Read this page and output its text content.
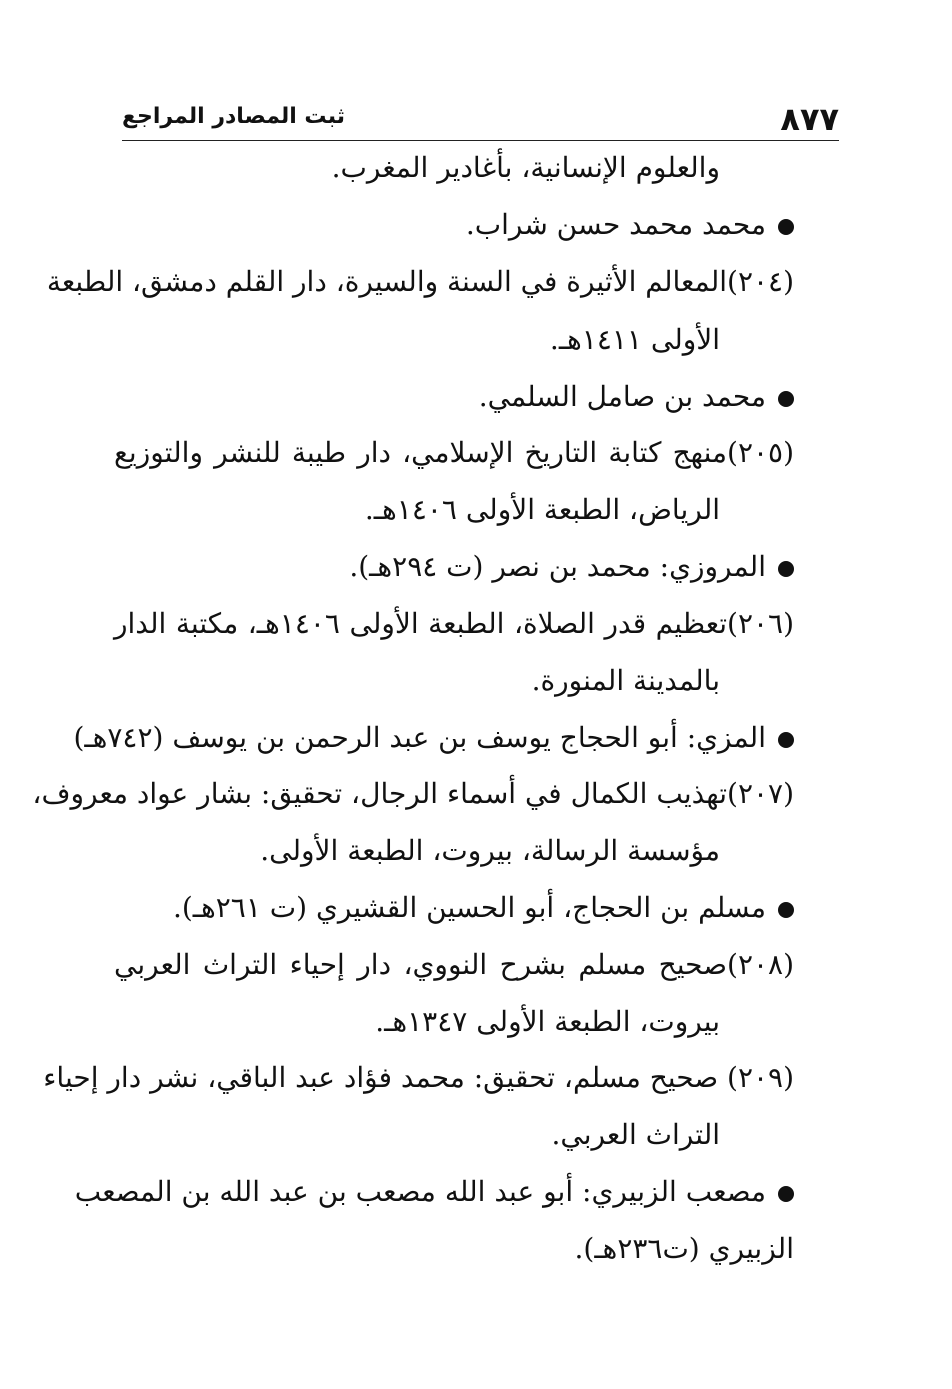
٨٧٧
ثبت المصادر المراجع
والعلوم الإنسانية، بأغادير المغرب.
محمد محمد حسن شراب.
(٢٠٤)المعالم الأثيرة في السنة والسيرة، دار القلم دمشق، الطبعة
الأولى ١٤١١هـ.
محمد بن صامل السلمي.
(٢٠٥)منهج كتابة التاريخ الإسلامي، دار طيبة للنشر والتوزيع
الرياض، الطبعة الأولى ١٤٠٦هـ.
المروزي: محمد بن نصر (ت ٢٩٤هـ).
(٢٠٦)تعظيم قدر الصلاة، الطبعة الأولى ١٤٠٦هـ، مكتبة الدار
بالمدينة المنورة.
المزي: أبو الحجاج يوسف بن عبد الرحمن بن يوسف (٧٤٢هـ)
(٢٠٧)تهذيب الكمال في أسماء الرجال، تحقيق: بشار عواد معروف،
مؤسسة الرسالة، بيروت، الطبعة الأولى.
مسلم بن الحجاج، أبو الحسين القشيري (ت ٢٦١هـ).
(٢٠٨)صحيح مسلم بشرح النووي، دار إحياء التراث العربي
بيروت، الطبعة الأولى ١٣٤٧هـ.
(٢٠٩) صحيح مسلم، تحقيق: محمد فؤاد عبد الباقي، نشر دار إحياء
التراث العربي.
مصعب الزبيري: أبو عبد الله مصعب بن عبد الله بن المصعب
الزبيري (ت٢٣٦هـ).
